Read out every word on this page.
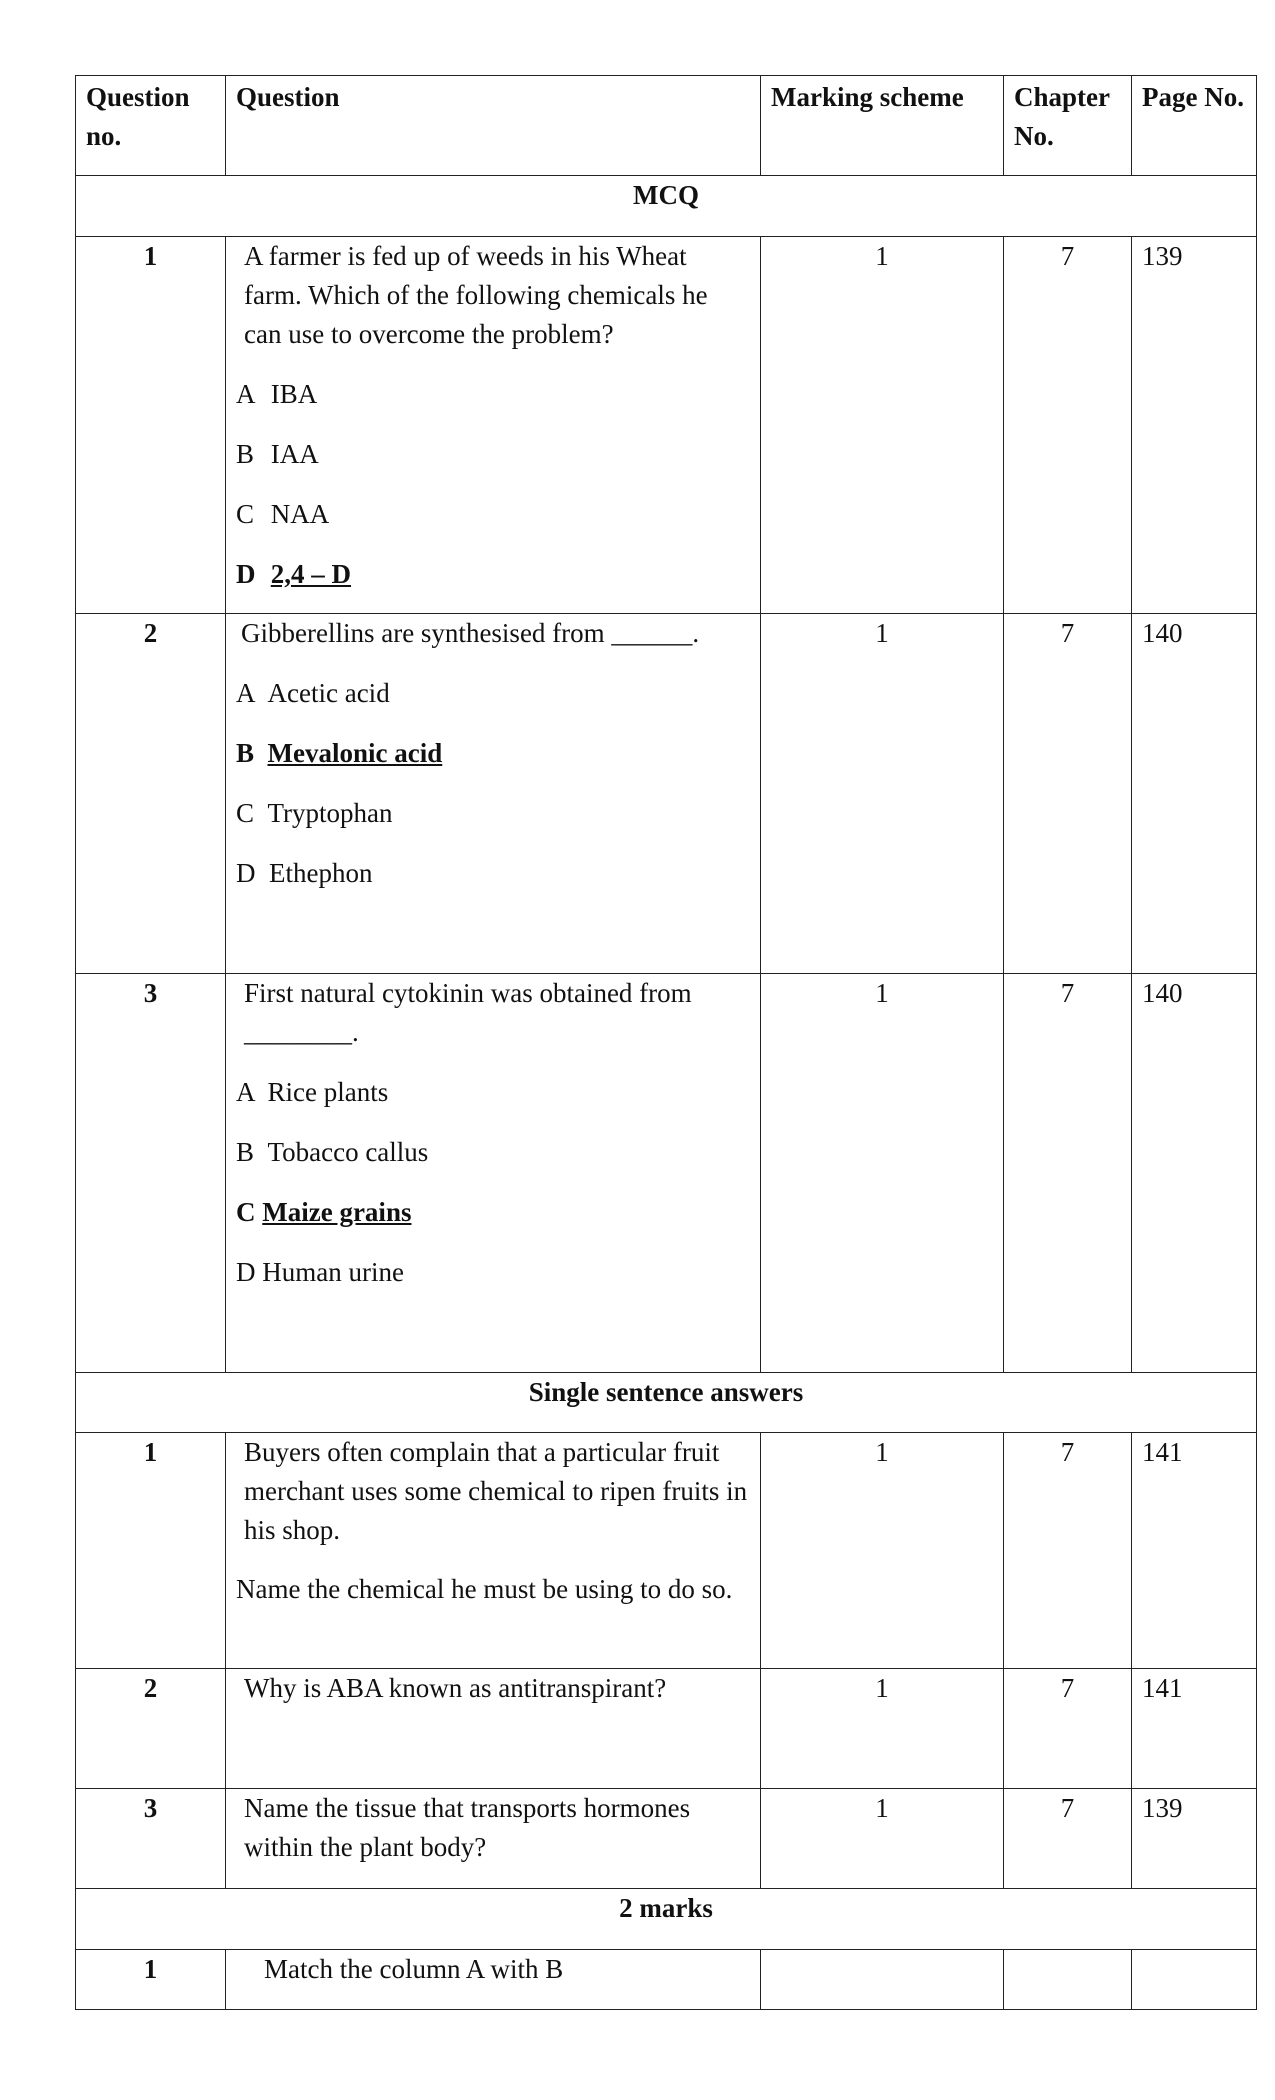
Question no.	Question	Marking scheme	Chapter No.	Page No.
MCQ				
1	A farmer is fed up of weeds in his Wheat farm. Which of the following chemicals he can use to overcome the problem?

A IBA

B IAA

C NAA

D 2,4 – D	1	7	139
2	Gibberellins are synthesised from ______.

A Acetic acid

B Mevalonic acid

C Tryptophan

D Ethephon	1	7	140
3	First natural cytokinin was obtained from ________.

A Rice plants

B Tobacco callus

C Maize grains

D Human urine	1	7	140
Single sentence answers				
1	Buyers often complain that a particular fruit merchant uses some chemical to ripen fruits in his shop.

Name the chemical he must be using to do so.	1	7	141
2	Why is ABA known as antitranspirant?	1	7	141
3	Name the tissue that transports hormones within the plant body?	1	7	139
2 marks				
1	Match the column A with B			
